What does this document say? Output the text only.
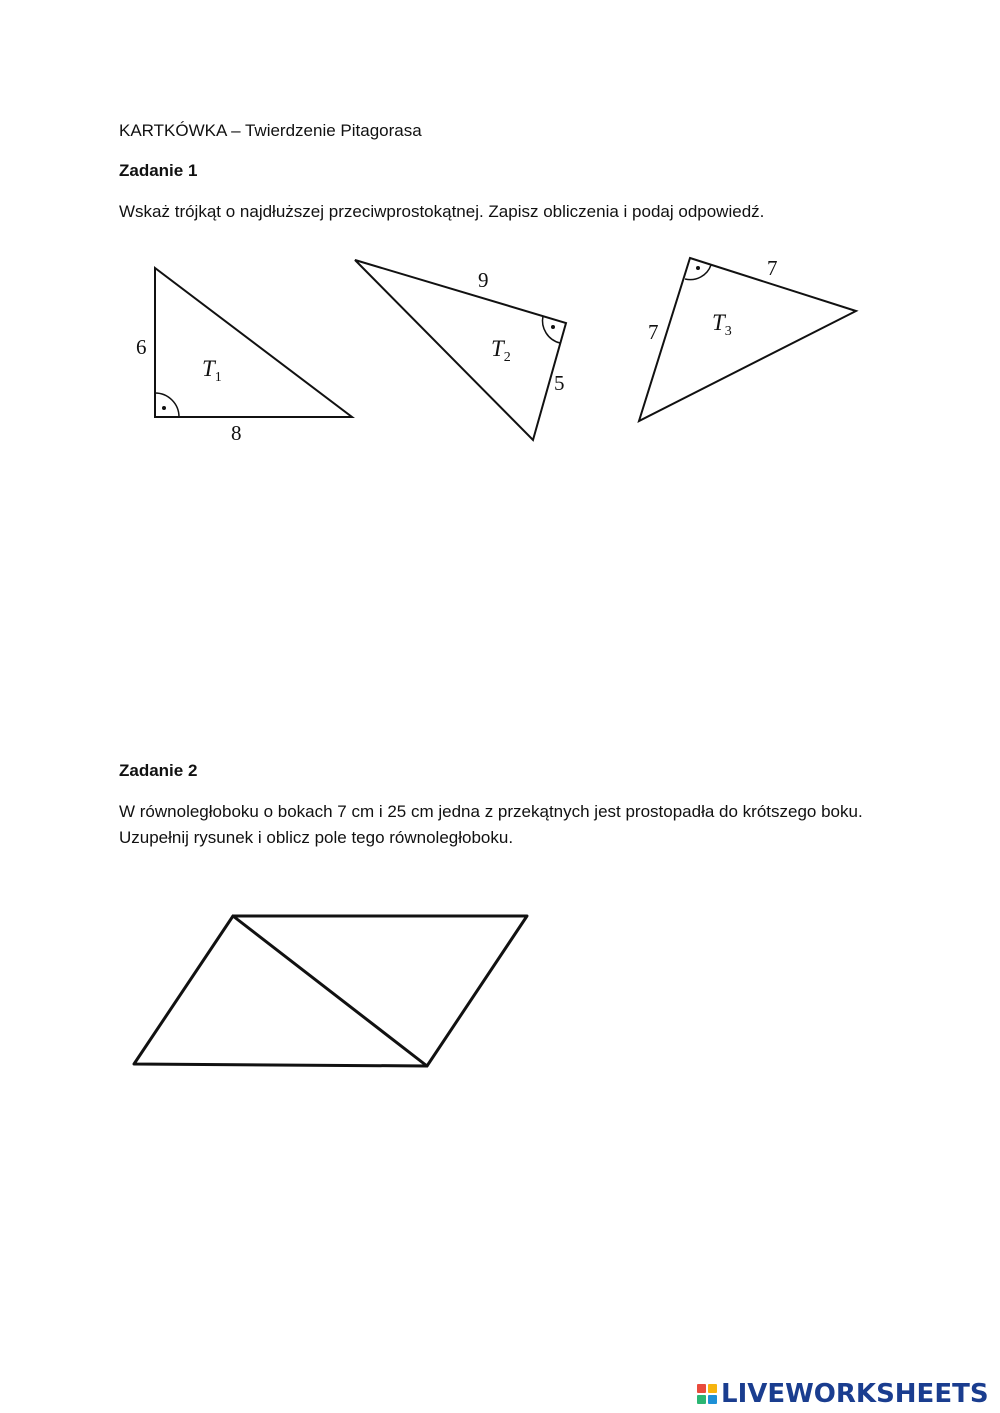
KARTKÓWKA – Twierdzenie Pitagorasa

Zadanie 1

Wskaż trójkąt o najdłuższej przeciwprostokątnej. Zapisz obliczenia i podaj odpowiedź.

6
8
$T_1$
9
5
$T_2$
7
7 $T_3$

Zadanie 2

W równoległoboku o bokach 7 cm i 25 cm jedna z przekątnych jest prostopadła do krótszego boku. Uzupełnij rysunek i oblicz pole tego równoległoboku.

LIVEWORKSHEETS
